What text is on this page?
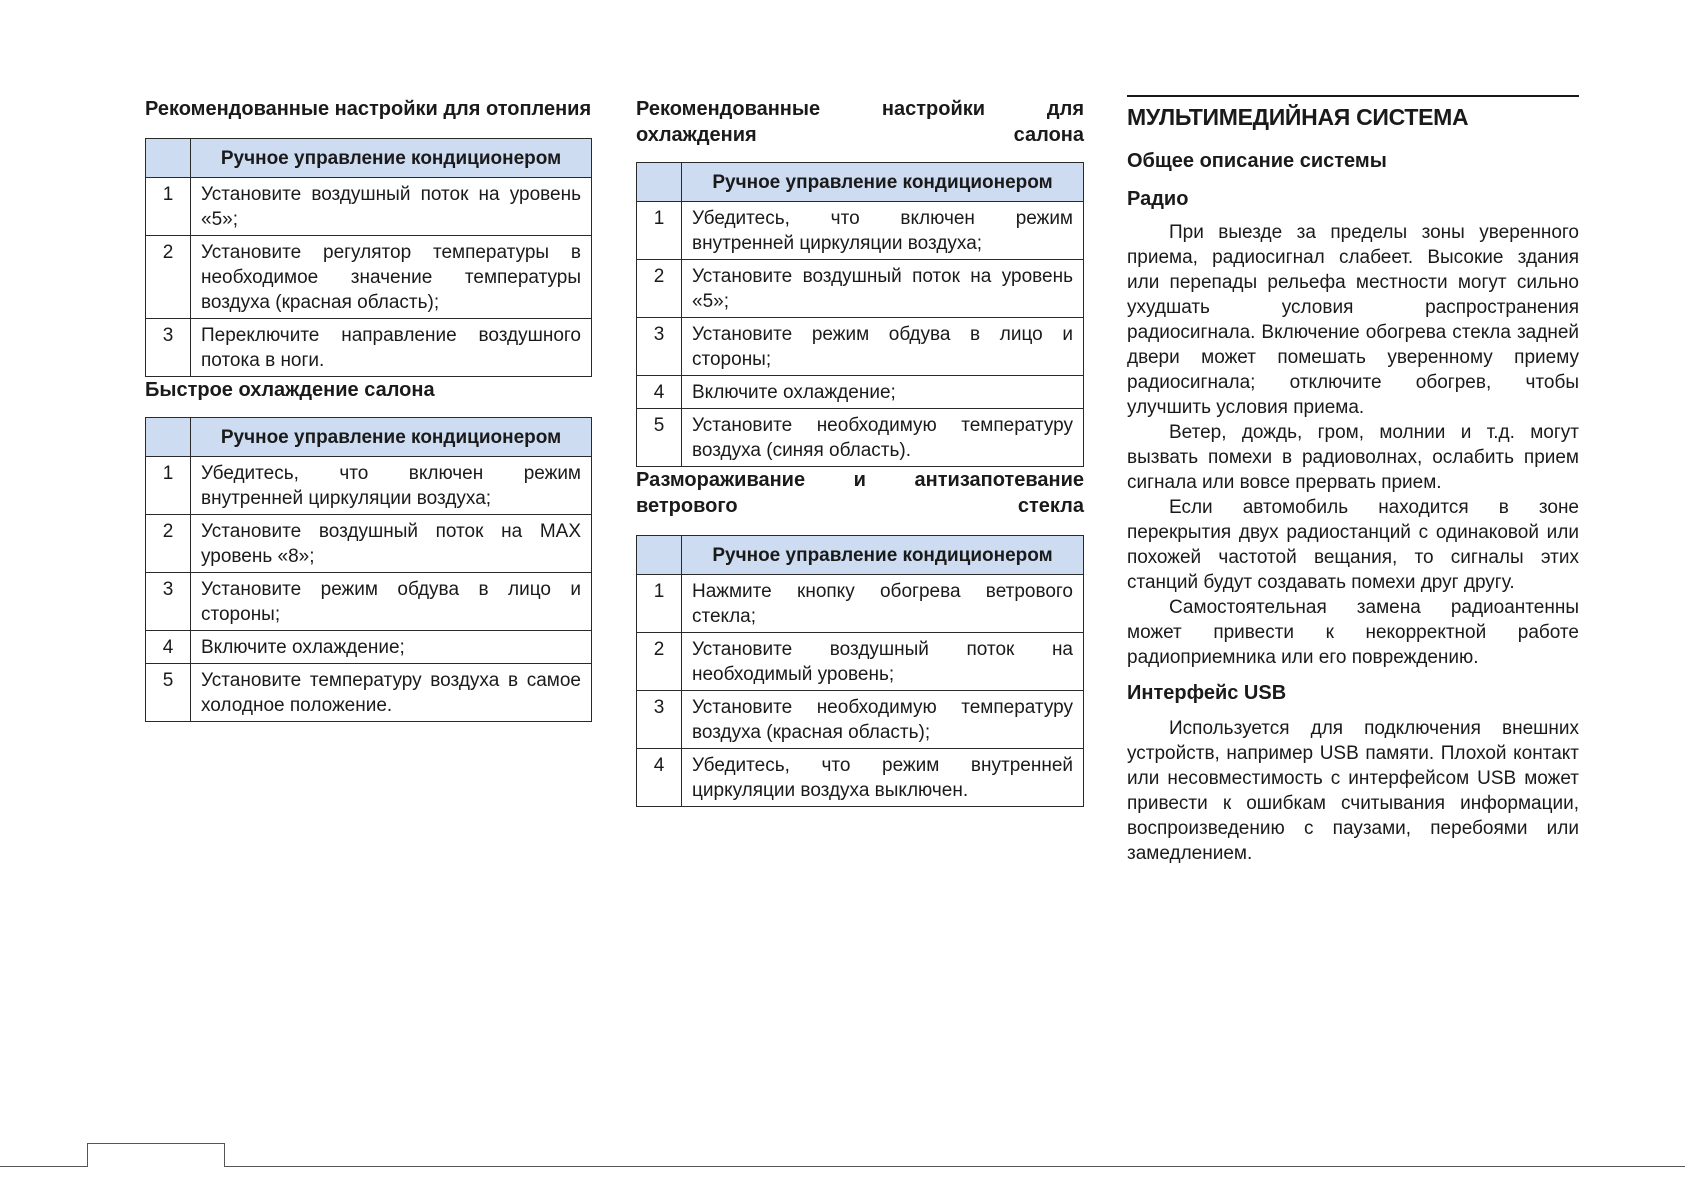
Рекомендованные настройки для отопления
	Ручное управление кондиционером
1	Установите воздушный поток на уровень «5»;
2	Установите регулятор температуры в необходимое значение температуры воздуха (красная область);
3	Переключите направление воздушного потока в ноги.
Быстрое охлаждение салона
	Ручное управление кондиционером
1	Убедитесь, что включен режим внутренней циркуляции воздуха;
2	Установите воздушный поток на MAX уровень «8»;
3	Установите режим обдува в лицо и стороны;
4	Включите охлаждение;
5	Установите температуру воздуха в самое холодное положение.
Рекомендованные настройки для охлаждения салона
	Ручное управление кондиционером
1	Убедитесь, что включен режим внутренней циркуляции воздуха;
2	Установите воздушный поток на уровень «5»;
3	Установите режим обдува в лицо и стороны;
4	Включите охлаждение;
5	Установите необходимую температуру воздуха (синяя область).
Размораживание и антизапотевание ветрового стекла
	Ручное управление кондиционером
1	Нажмите кнопку обогрева ветрового стекла;
2	Установите воздушный поток на необходимый уровень;
3	Установите необходимую температуру воздуха (красная область);
4	Убедитесь, что режим внутренней циркуляции воздуха выключен.
МУЛЬТИМЕДИЙНАЯ СИСТЕМА
Общее описание системы
Радио

При выезде за пределы зоны уверенного приема, радиосигнал слабеет. Высокие здания или перепады рельефа местности могут сильно ухудшать условия распространения радиосигнала. Включение обогрева стекла задней двери может помешать уверенному приему радиосигнала; отключите обогрев, чтобы улучшить условия приема.

Ветер, дождь, гром, молнии и т.д. могут вызвать помехи в радиоволнах, ослабить прием сигнала или вовсе прервать прием.

Если автомобиль находится в зоне перекрытия двух радиостанций с одинаковой или похожей частотой вещания, то сигналы этих станций будут создавать помехи друг другу.

Самостоятельная замена радиоантенны может привести к некорректной работе радиоприемника или его повреждению.

Интерфейс USB

Используется для подключения внешних устройств, например USB памяти. Плохой контакт или несовместимость с интерфейсом USB может привести к ошибкам считывания информации, воспроизведению с паузами, перебоями или замедлением.
